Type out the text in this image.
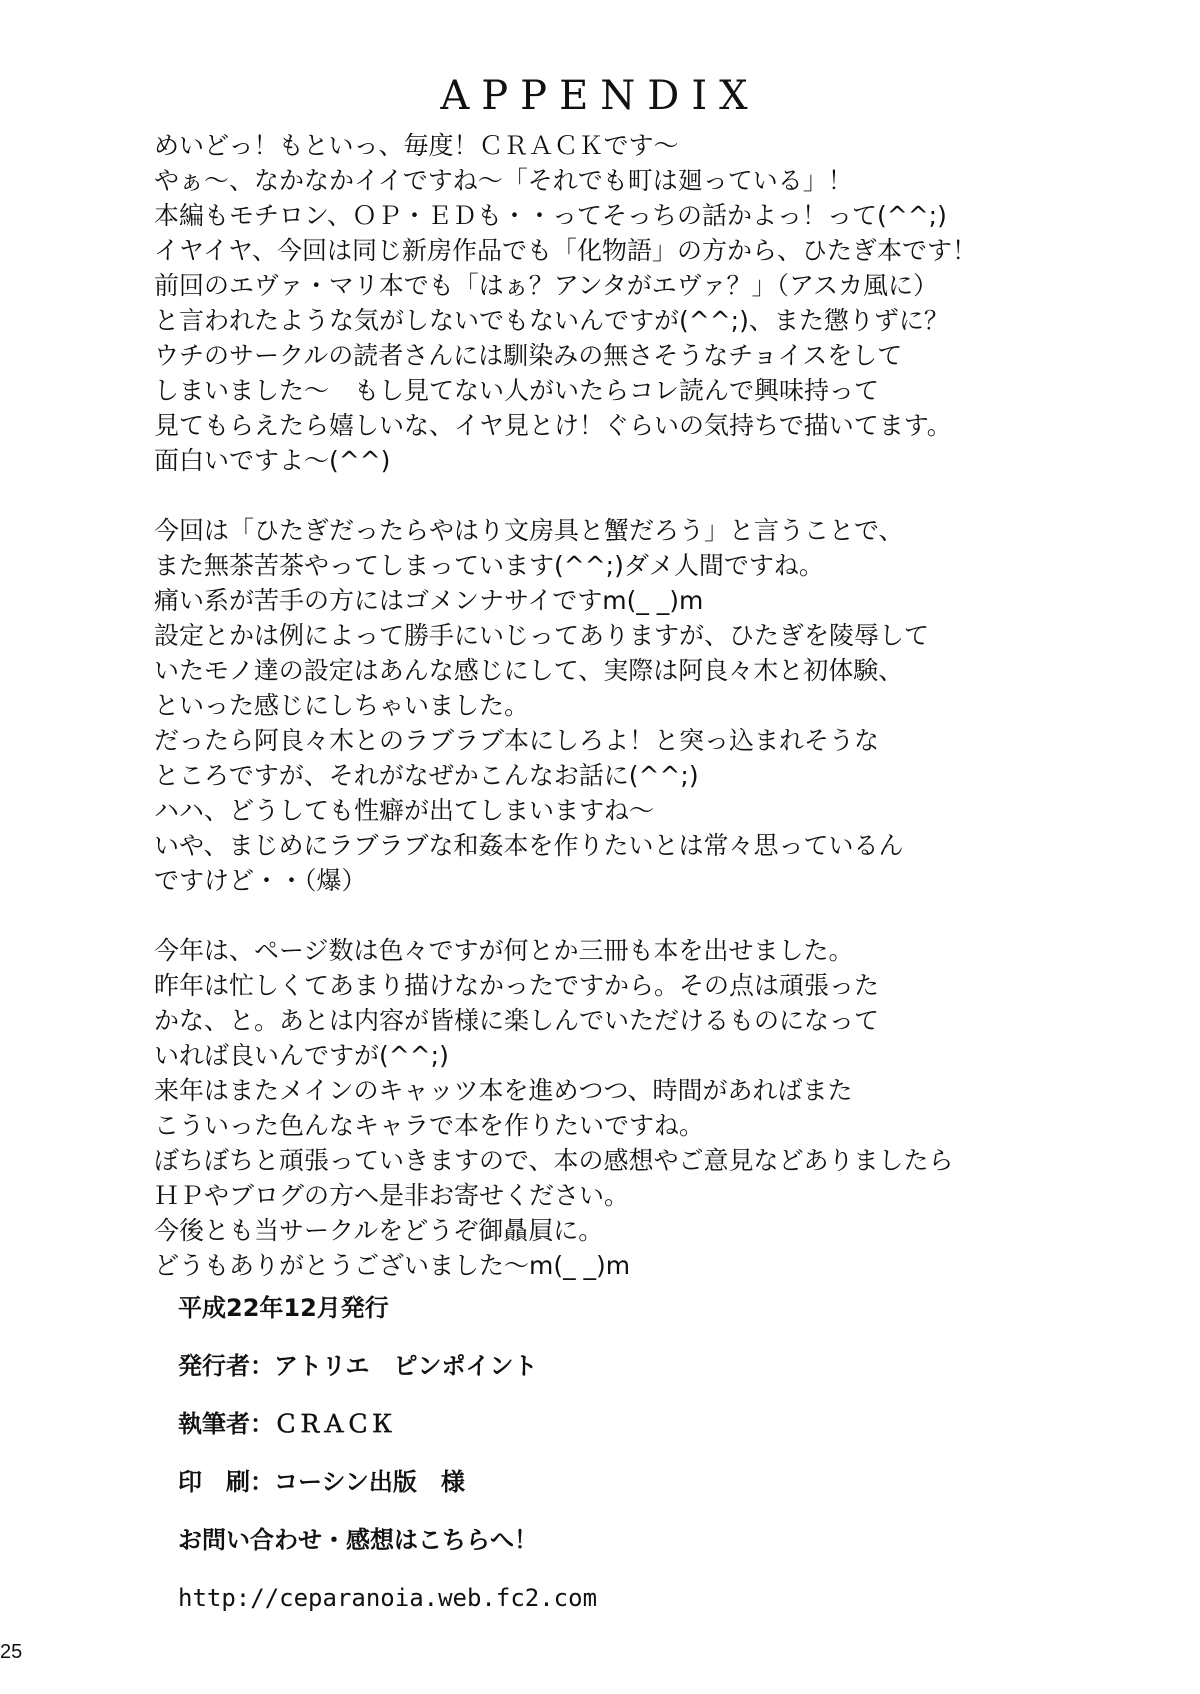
APPENDIX
めいどっ！もといっ、毎度！ＣＲＡＣＫです～
やぁ～、なかなかイイですね～「それでも町は廻っている」！
本編もモチロン、ＯＰ・ＥＤも・・ってそっちの話かよっ！って(^^;)
イヤイヤ、今回は同じ新房作品でも「化物語」の方から、ひたぎ本です！
前回のエヴァ・マリ本でも「はぁ？アンタがエヴァ？」（アスカ風に）
と言われたような気がしないでもないんですが(^^;)、また懲りずに？
ウチのサークルの読者さんには馴染みの無さそうなチョイスをして
しまいました～　もし見てない人がいたらコレ読んで興味持って
見てもらえたら嬉しいな、イヤ見とけ！ぐらいの気持ちで描いてます。
面白いですよ～(^^)
今回は「ひたぎだったらやはり文房具と蟹だろう」と言うことで、
また無茶苦茶やってしまっています(^^;)ダメ人間ですね。
痛い系が苦手の方にはゴメンナサイですm(_ _)m
設定とかは例によって勝手にいじってありますが、ひたぎを陵辱して
いたモノ達の設定はあんな感じにして、実際は阿良々木と初体験、
といった感じにしちゃいました。
だったら阿良々木とのラブラブ本にしろよ！と突っ込まれそうな
ところですが、それがなぜかこんなお話に(^^;)
ハハ、どうしても性癖が出てしまいますね～
いや、まじめにラブラブな和姦本を作りたいとは常々思っているん
ですけど・・（爆）
今年は、ページ数は色々ですが何とか三冊も本を出せました。
昨年は忙しくてあまり描けなかったですから。その点は頑張った
かな、と。あとは内容が皆様に楽しんでいただけるものになって
いれば良いんですが(^^;)
来年はまたメインのキャッツ本を進めつつ、時間があればまた
こういった色んなキャラで本を作りたいですね。
ぼちぼちと頑張っていきますので、本の感想やご意見などありましたら
ＨＰやブログの方へ是非お寄せください。
今後とも当サークルをどうぞ御贔屓に。
どうもありがとうございました～m(_ _)m
平成22年12月発行
発行者：アトリエ　ピンポイント
執筆者：ＣＲＡＣＫ
印　刷：コーシン出版　様
お問い合わせ・感想はこちらへ！
http://ceparanoia.web.fc2.com
25
